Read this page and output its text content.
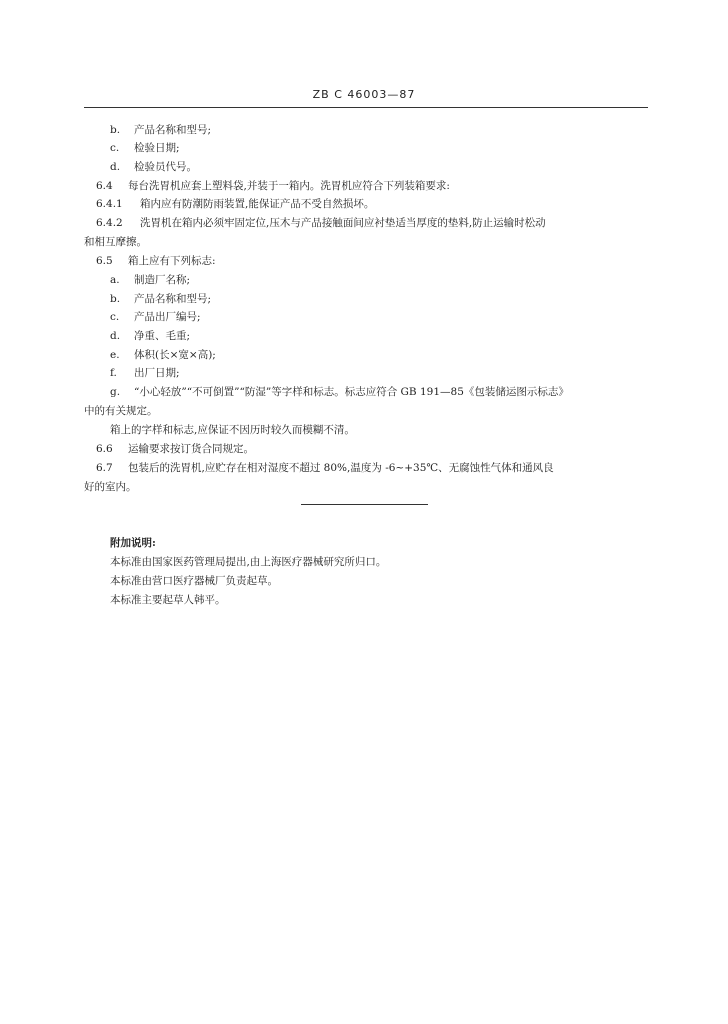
ZB C 46003—87
b. 产品名称和型号;
c. 检验日期;
d. 检验员代号。
6.4 每台洗胃机应套上塑料袋,并装于一箱内。洗胃机应符合下列装箱要求:
6.4.1 箱内应有防潮防雨装置,能保证产品不受自然损坏。
6.4.2 洗胃机在箱内必须牢固定位,压木与产品接触面间应衬垫适当厚度的垫料,防止运输时松动
和相互摩擦。
6.5 箱上应有下列标志:
a. 制造厂名称;
b. 产品名称和型号;
c. 产品出厂编号;
d. 净重、毛重;
e. 体积(长×宽×高);
f. 出厂日期;
g. “小心轻放”“不可倒置”“防湿”等字样和标志。标志应符合 GB 191—85《包装储运图示标志》
中的有关规定。
箱上的字样和标志,应保证不因历时较久而模糊不清。
6.6 运输要求按订货合同规定。
6.7 包装后的洗胃机,应贮存在相对湿度不超过 80%,温度为 -6~+35℃、无腐蚀性气体和通风良
好的室内。
附加说明:
本标准由国家医药管理局提出,由上海医疗器械研究所归口。
本标准由营口医疗器械厂负责起草。
本标准主要起草人韩平。
